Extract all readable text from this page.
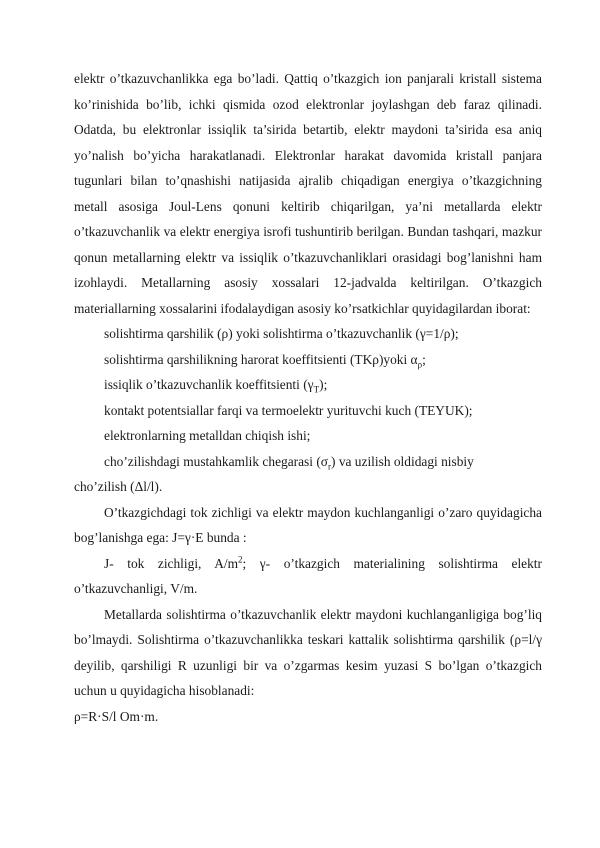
elektr o’tkazuvchanlikka ega bo’ladi. Qattiq o’tkazgich ion panjarali kristall sistema ko’rinishida bo’lib, ichki qismida ozod elektronlar joylashgan deb faraz qilinadi. Odatda, bu elektronlar issiqlik ta’sirida betartib, elektr maydoni ta’sirida esa aniq yo’nalish bo’yicha harakatlanadi. Elektronlar harakat davomida kristall panjara tugunlari bilan to’qnashishi natijasida ajralib chiqadigan energiya o’tkazgichning metall asosiga Joul-Lens qonuni keltirib chiqarilgan, ya’ni metallarda elektr o’tkazuvchanlik va elektr energiya isrofi tushuntirib berilgan. Bundan tashqari, mazkur qonun metallarning elektr va issiqlik o’tkazuvchanliklari orasidagi bog’lanishni ham izohlaydi. Metallarning asosiy xossalari 12-jadvalda keltirilgan. O’tkazgich materiallarning xossalarini ifodalaydigan asosiy ko’rsatkichlar quyidagilardan iborat:

solishtirma qarshilik (ρ) yoki solishtirma o’tkazuvchanlik (γ=1/ρ);

solishtirma qarshilikning harorat koeffitsienti (TKρ)yoki $\alpha_\rho$;

issiqlik o’tkazuvchanlik koeffitsienti $(\gamma_T)$;

kontakt potentsiallar farqi va termoelektr yurituvchi kuch (TEYUK);

elektronlarning metalldan chiqish ishi;

cho’zilishdagi mustahkamlik chegarasi $(\sigma_r)$ va uzilish oldidagi nisbiy

cho’zilish (Δl/l).

O’tkazgichdagi tok zichligi va elektr maydon kuchlanganligi o’zaro quyidagicha bog’lanishga ega: J=γ·E bunda :

J- tok zichligi, $A/m^2$; γ- o’tkazgich materialining solishtirma elektr o’tkazuvchanligi, V/m.

Metallarda solishtirma o’tkazuvchanlik elektr maydoni kuchlanganligiga bog’liq bo’lmaydi. Solishtirma o’tkazuvchanlikka teskari kattalik solishtirma qarshilik (ρ=l/γ deyilib, qarshiligi R uzunligi bir va o’zgarmas kesim yuzasi S bo’lgan o’tkazgich uchun u quyidagicha hisoblanadi:

ρ=R·S/l Om·m.
